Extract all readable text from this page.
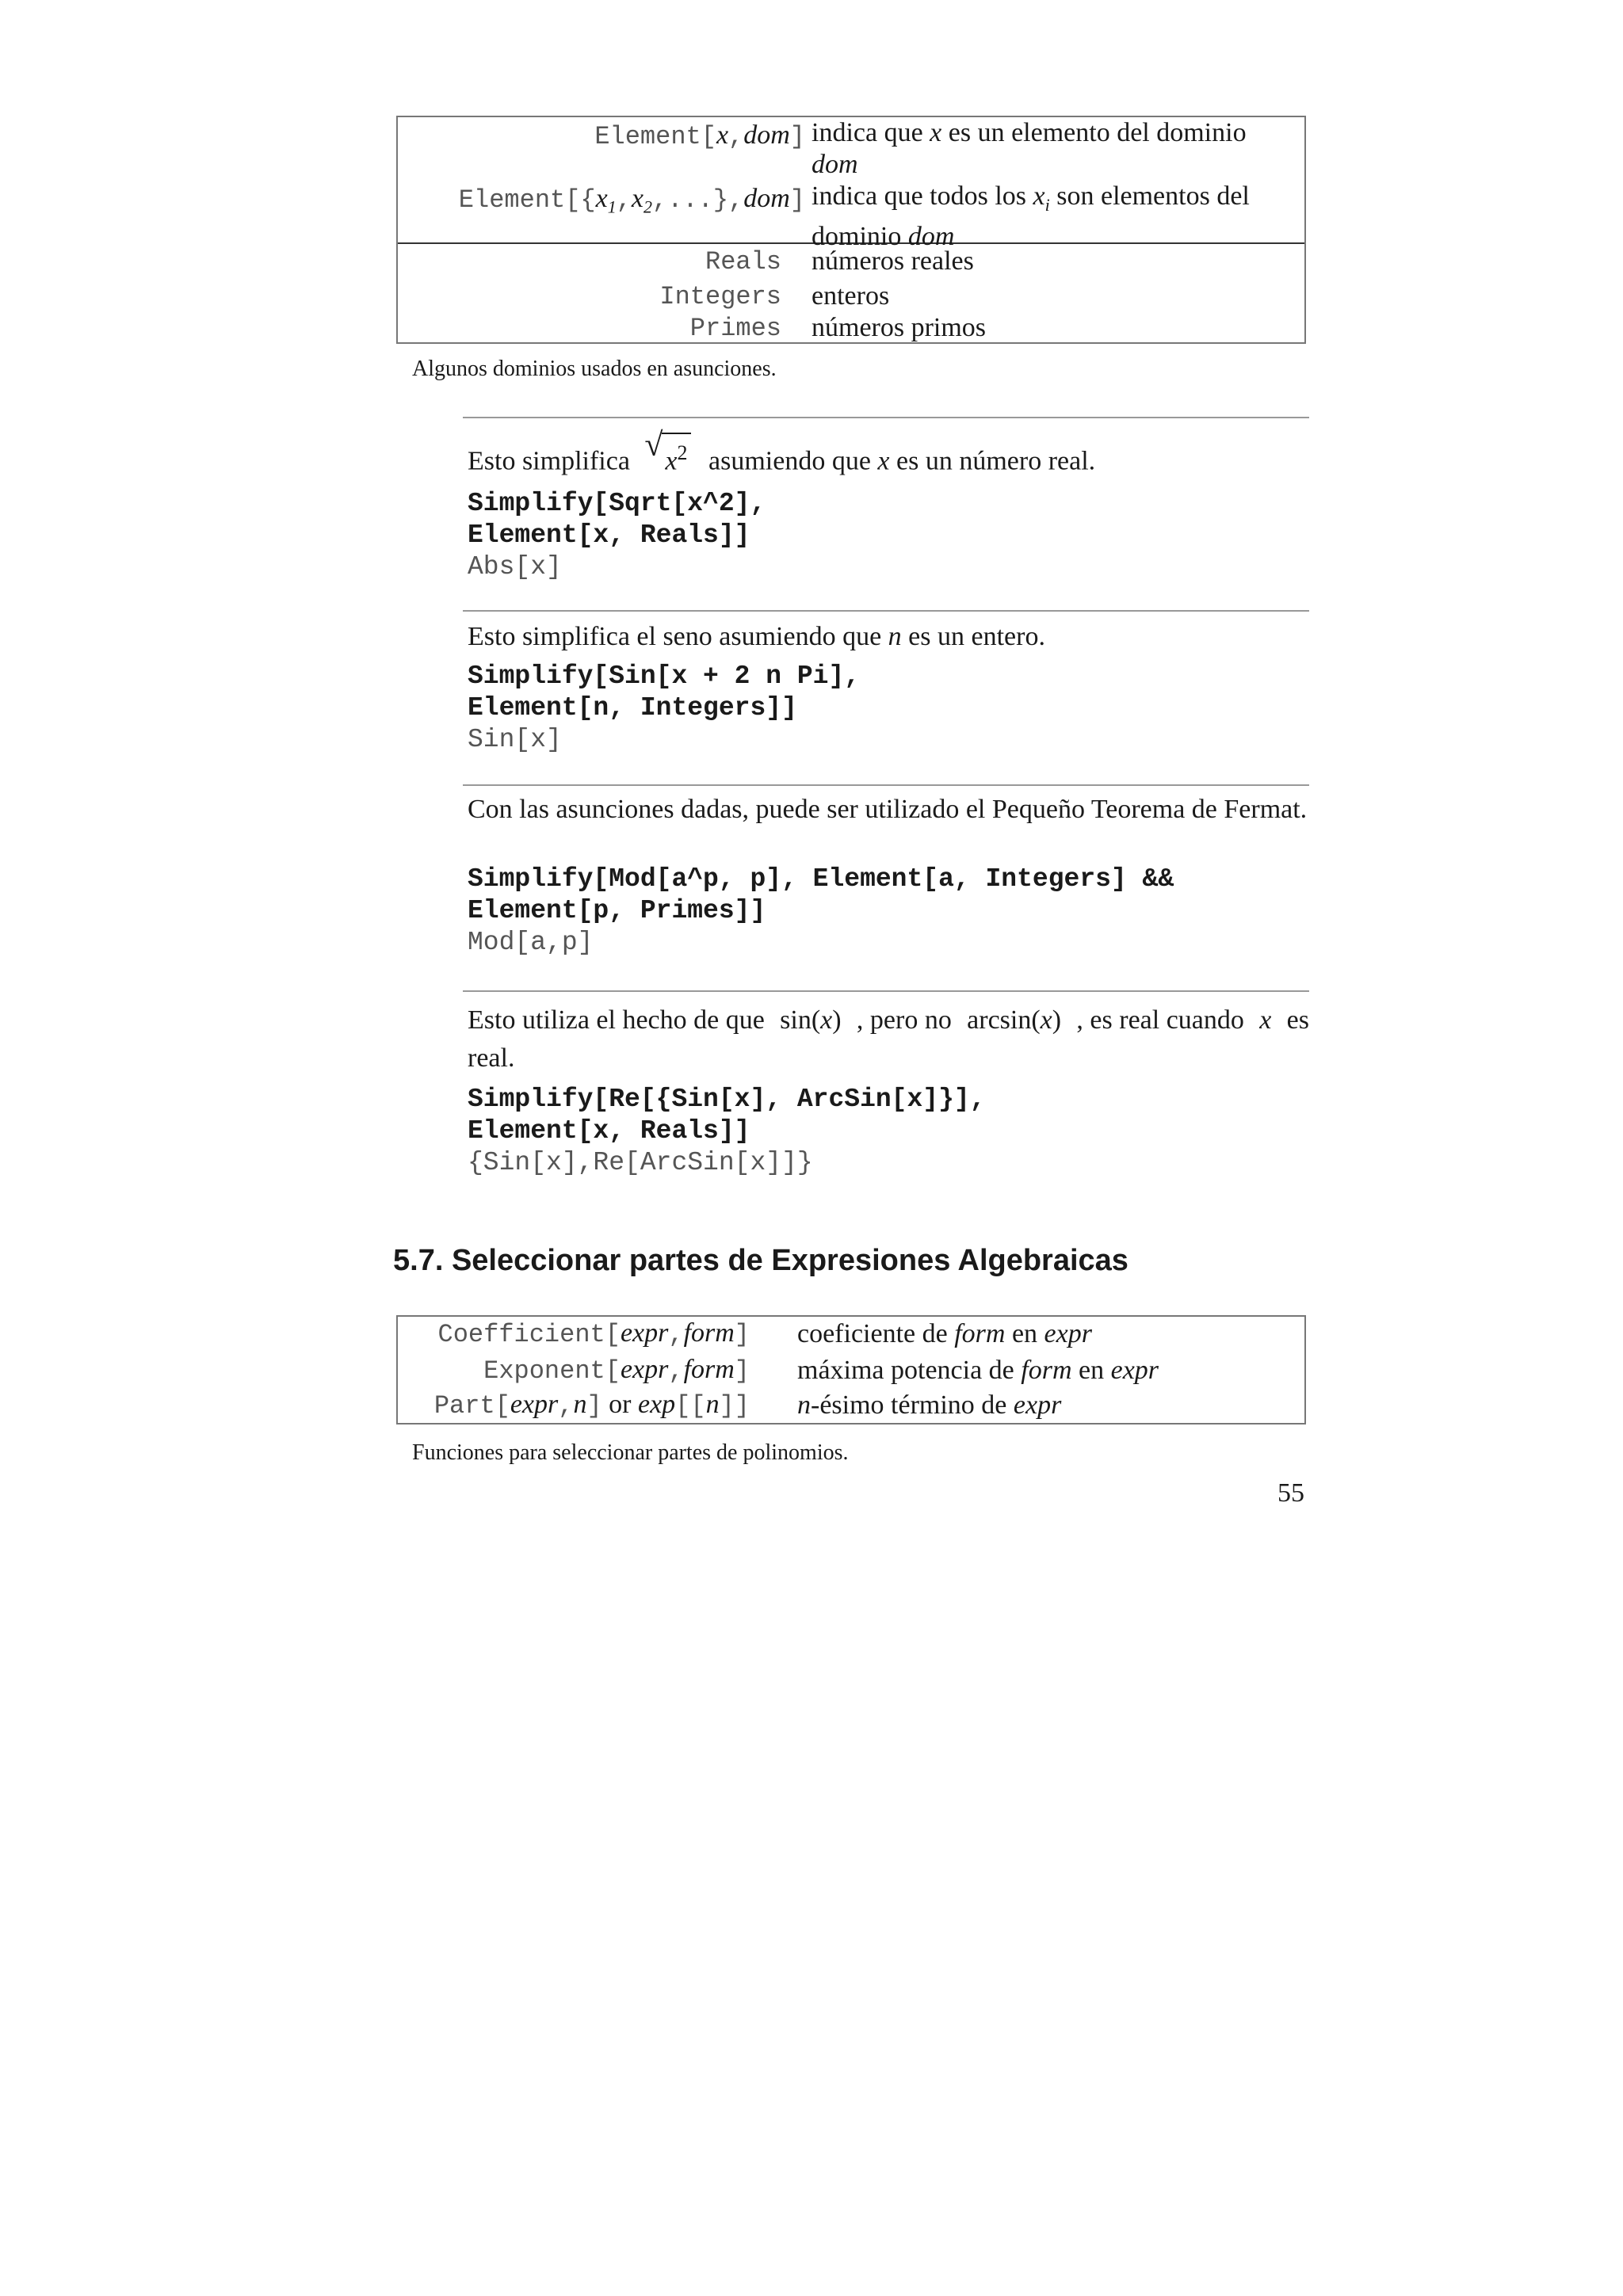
Element[x,dom]
$Element[\{x_1,x_2,...\},dom]$
Reals
Integers
Primes
indica que x es un elemento del dominio
dom
indica que todos los $x_i$ son elementos del
dominio dom
números reales
enteros
números primos
Algunos dominios usados en asunciones.
Esto simplifica √ $x^2$ asumiendo que x es un número real.
Simplify[Sqrt[x^2],
Element[x, Reals]]
Abs[x]
Esto simplifica el seno asumiendo que n es un entero.
Simplify[Sin[x + 2 n Pi],
Element[n, Integers]]
Sin[x]
Con las asunciones dadas, puede ser utilizado el Pequeño Teorema de Fermat.
Simplify[Mod[a^p, p], Element[a, Integers] &&
Element[p, Primes]]
Mod[a,p]
Esto utiliza el hecho de que sin(x) , pero no arcsin(x) , es real cuando x es
real.
Simplify[Re[{Sin[x], ArcSin[x]}],
Element[x, Reals]]
{Sin[x],Re[ArcSin[x]]}
5.7. Seleccionar partes de Expresiones Algebraicas
Coefficient[expr,form]
Exponent[expr,form]
Part[expr,n] or exp[[n]]
coeficiente de form en expr
máxima potencia de form en expr
n-ésimo término de expr
Funciones para seleccionar partes de polinomios.
55
